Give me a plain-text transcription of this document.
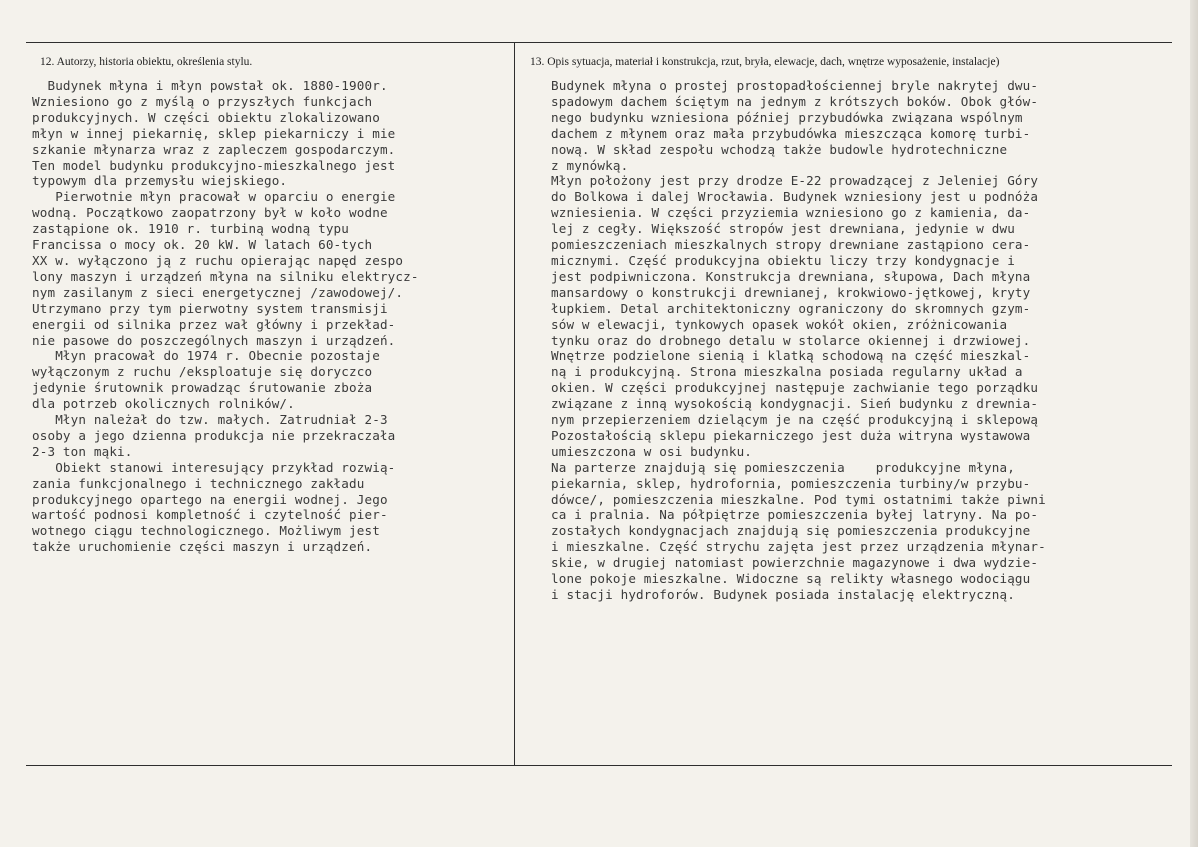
12. Autorzy, historia obiektu, określenia stylu.	13. Opis sytuacja, materiał i konstrukcja, rzut, bryła, elewacje, dach, wnętrze wyposażenie, instalacje)
Budynek młyna i młyn powstał ok. 1880-1900r.
Wzniesiono go z myślą o przyszłych funkcjach
produkcyjnych. W części obiektu zlokalizowano
młyn w innej piekarnię, sklep piekarniczy i mie
szkanie młynarza wraz z zapleczem gospodarczym.
Ten model budynku produkcyjno-mieszkalnego jest
typowym dla przemysłu wiejskiego.
Pierwotnie młyn pracował w oparciu o energie
wodną. Początkowo zaopatrzony był w koło wodne
zastąpione ok. 1910 r. turbiną wodną typu
Francissa o mocy ok. 20 kW. W latach 60-tych
XX w. wyłączono ją z ruchu opierając napęd zespo
lony maszyn i urządzeń młyna na silniku elektrycz-
nym zasilanym z sieci energetycznej /zawodowej/.
Utrzymano przy tym pierwotny system transmisji
energii od silnika przez wał główny i przekład-
nie pasowe do poszczególnych maszyn i urządzeń.
Młyn pracował do 1974 r. Obecnie pozostaje
wyłączonym z ruchu /eksploatuje się doryczco
jedynie śrutownik prowadząc śrutowanie zboża
dla potrzeb okolicznych rolników/.
Młyn należał do tzw. małych. Zatrudniał 2-3
osoby a jego dzienna produkcja nie przekraczała
2-3 ton mąki.
Obiekt stanowi interesujący przykład rozwią-
zania funkcjonalnego i technicznego zakładu
produkcyjnego opartego na energii wodnej. Jego
wartość podnosi kompletność i czytelność pier-
wotnego ciągu technologicznego. Możliwym jest
także uruchomienie części maszyn i urządzeń.
Budynek młyna o prostej prostopadłościennej bryle nakrytej dwu-
spadowym dachem ściętym na jednym z krótszych boków. Obok głów-
nego budynku wzniesiona później przybudówka związana wspólnym
dachem z młynem oraz mała przybudówka mieszcząca komorę turbi-
nową. W skład zespołu wchodzą także budowle hydrotechniczne
z mynówką.
Młyn położony jest przy drodze E-22 prowadzącej z Jeleniej Góry
do Bolkowa i dalej Wrocławia. Budynek wzniesiony jest u podnóża
wzniesienia. W części przyziemia wzniesiono go z kamienia, da-
lej z cegły. Większość stropów jest drewniana, jedynie w dwu
pomieszczeniach mieszkalnych stropy drewniane zastąpiono cera-
micznymi. Część produkcyjna obiektu liczy trzy kondygnacje i
jest podpiwniczona. Konstrukcja drewniana, słupowa, Dach młyna
mansardowy o konstrukcji drewnianej, krokwiowo-jętkowej, kryty
łupkiem. Detal architektoniczny ograniczony do skromnych gzym-
sów w elewacji, tynkowych opasek wokół okien, zróżnicowania
tynku oraz do drobnego detalu w stolarce okiennej i drzwiowej.
Wnętrze podzielone sienią i klatką schodową na część mieszkal-
ną i produkcyjną. Strona mieszkalna posiada regularny układ a
okien. W części produkcyjnej następuje zachwianie tego porządku
związane z inną wysokością kondygnacji. Sień budynku z drewnia-
nym przepierzeniem dzielącym je na część produkcyjną i sklepową
Pozostałością sklepu piekarniczego jest duża witryna wystawowa
umieszczona w osi budynku.
Na parterze znajdują się pomieszczenia    produkcyjne młyna,
piekarnia, sklep, hydrofornia, pomieszczenia turbiny/w przybu-
dówce/, pomieszczenia mieszkalne. Pod tymi ostatnimi także piwni
ca i pralnia. Na półpiętrze pomieszczenia byłej latryny. Na po-
zostałych kondygnacjach znajdują się pomieszczenia produkcyjne
i mieszkalne. Część strychu zajęta jest przez urządzenia młynar-
skie, w drugiej natomiast powierzchnie magazynowe i dwa wydzie-
lone pokoje mieszkalne. Widoczne są relikty własnego wodociągu
i stacji hydroforów. Budynek posiada instalację elektryczną.
